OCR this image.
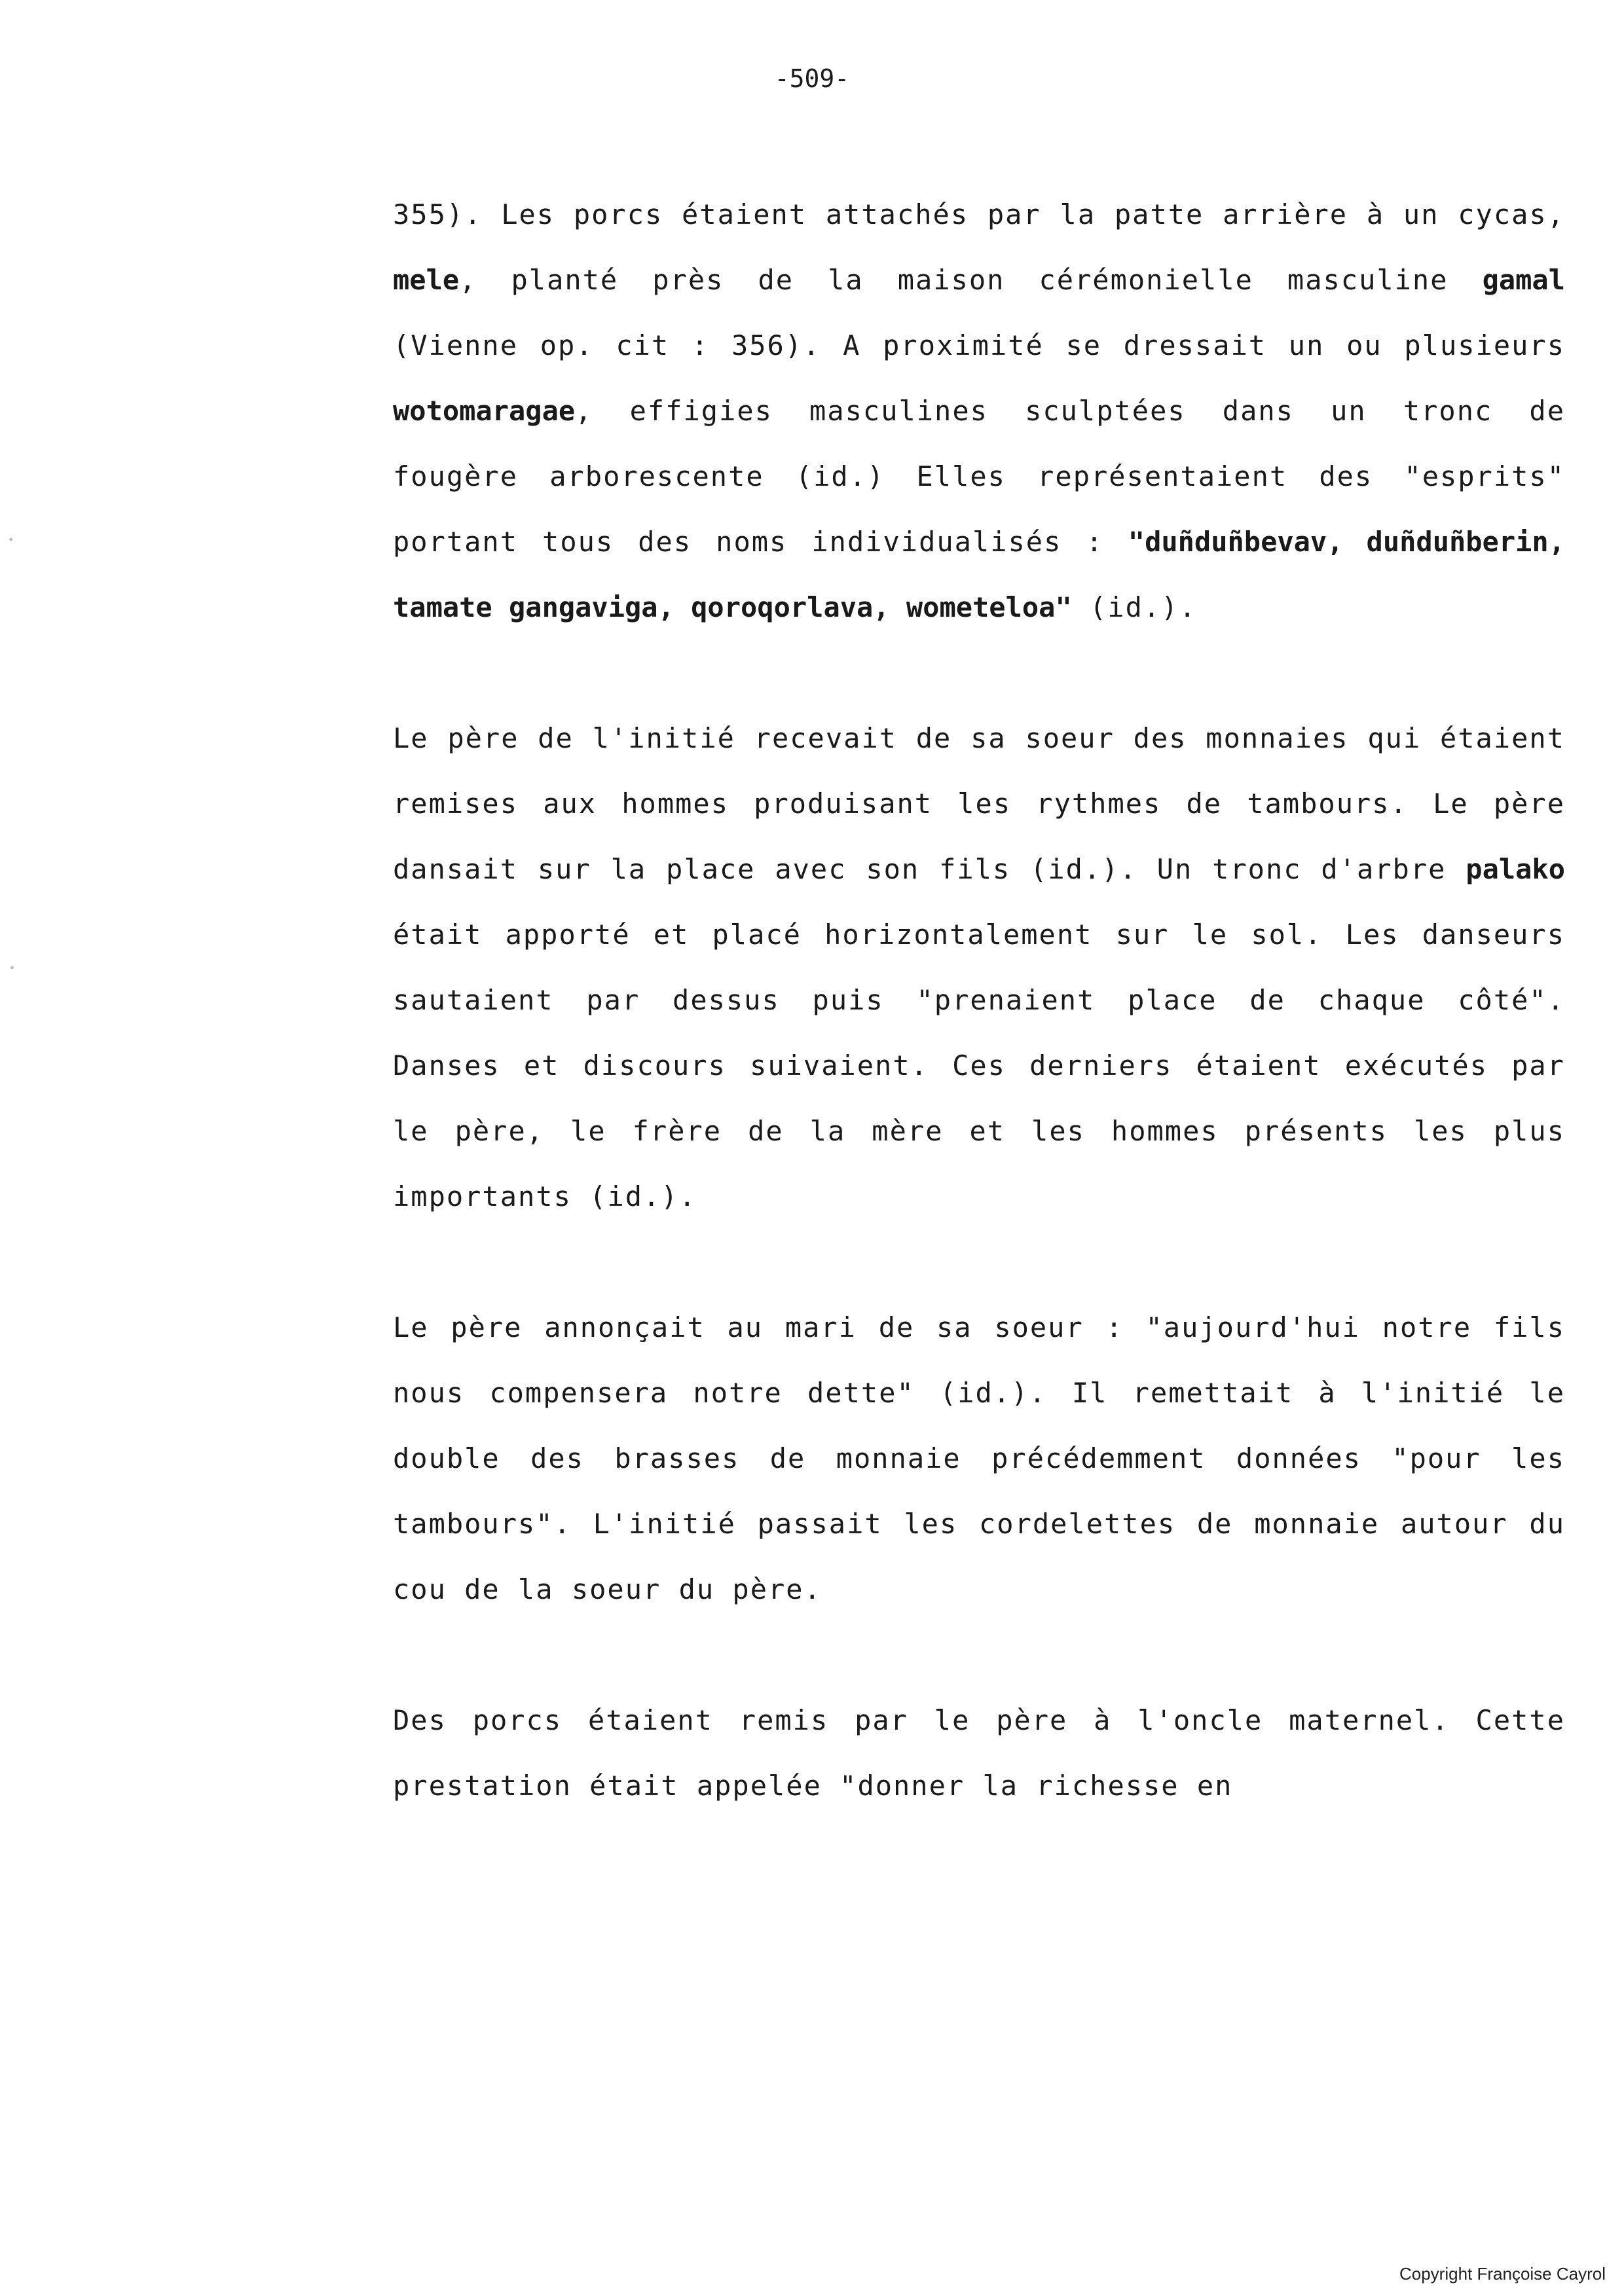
-509-

355). Les porcs étaient attachés par la patte arrière à un cycas, mele, planté près de la maison cérémonielle masculine gamal (Vienne op. cit : 356). A proximité se dressait un ou plusieurs wotomaragae, effigies masculines sculptées dans un tronc de fougère arborescente (id.) Elles représentaient des "esprits" portant tous des noms individualisés : "duñduñbevav, duñduñberin, tamate gangaviga, qoroqorlava, wometeloa" (id.).

Le père de l'initié recevait de sa soeur des monnaies qui étaient remises aux hommes produisant les rythmes de tambours. Le père dansait sur la place avec son fils (id.). Un tronc d'arbre palako était apporté et placé horizontalement sur le sol. Les danseurs sautaient par dessus puis "prenaient place de chaque côté". Danses et discours suivaient. Ces derniers étaient exécutés par le père, le frère de la mère et les hommes présents les plus importants (id.).

Le père annonçait au mari de sa soeur : "aujourd'hui notre fils nous compensera notre dette" (id.). Il remettait à l'initié le double des brasses de monnaie précédemment données "pour les tambours". L'initié passait les cordelettes de monnaie autour du cou de la soeur du père.

Des porcs étaient remis par le père à l'oncle maternel. Cette prestation était appelée "donner la richesse en

Copyright Françoise Cayrol
